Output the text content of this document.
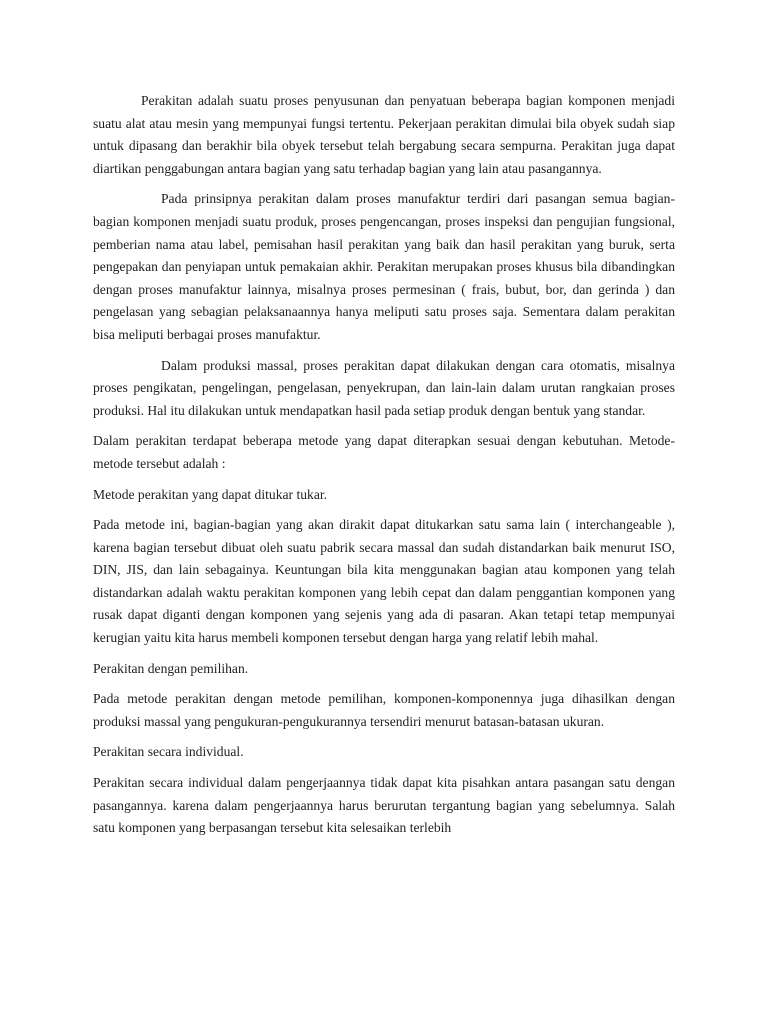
Perakitan adalah suatu proses penyusunan dan penyatuan beberapa bagian komponen menjadi suatu alat atau mesin yang mempunyai fungsi tertentu. Pekerjaan perakitan dimulai bila obyek sudah siap untuk dipasang dan berakhir bila obyek tersebut telah bergabung secara sempurna. Perakitan juga dapat diartikan penggabungan antara bagian yang satu terhadap bagian yang lain atau pasangannya.

Pada prinsipnya perakitan dalam proses manufaktur terdiri dari pasangan semua bagian-bagian komponen menjadi suatu produk, proses pengencangan, proses inspeksi dan pengujian fungsional, pemberian nama atau label, pemisahan hasil perakitan yang baik dan hasil perakitan yang buruk, serta pengepakan dan penyiapan untuk pemakaian akhir. Perakitan merupakan proses khusus bila dibandingkan dengan proses manufaktur lainnya, misalnya proses permesinan ( frais, bubut, bor, dan gerinda ) dan pengelasan yang sebagian pelaksanaannya hanya meliputi satu proses saja. Sementara dalam perakitan bisa meliputi berbagai proses manufaktur.

Dalam produksi massal, proses perakitan dapat dilakukan dengan cara otomatis, misalnya proses pengikatan, pengelingan, pengelasan, penyekrupan, dan lain-lain dalam urutan rangkaian proses produksi. Hal itu dilakukan untuk mendapatkan hasil pada setiap produk dengan bentuk yang standar.

Dalam perakitan terdapat beberapa metode yang dapat diterapkan sesuai dengan kebutuhan. Metode-metode tersebut adalah :

Metode perakitan yang dapat ditukar tukar.

Pada metode ini, bagian-bagian yang akan dirakit dapat ditukarkan satu sama lain ( interchangeable ), karena bagian tersebut dibuat oleh suatu pabrik secara massal dan sudah distandarkan baik menurut ISO, DIN, JIS, dan lain sebagainya. Keuntungan bila kita menggunakan bagian atau komponen yang telah distandarkan adalah waktu perakitan komponen yang lebih cepat dan dalam penggantian komponen yang rusak dapat diganti dengan komponen yang sejenis yang ada di pasaran. Akan tetapi tetap mempunyai kerugian yaitu kita harus membeli komponen tersebut dengan harga yang relatif lebih mahal.

Perakitan dengan pemilihan.

Pada metode perakitan dengan metode pemilihan, komponen-komponennya juga dihasilkan dengan produksi massal yang pengukuran-pengukurannya tersendiri menurut batasan-batasan ukuran.

Perakitan secara individual.

Perakitan secara individual dalam pengerjaannya tidak dapat kita pisahkan antara pasangan satu dengan pasangannya. karena dalam pengerjaannya harus berurutan tergantung bagian yang sebelumnya. Salah satu komponen yang berpasangan tersebut kita selesaikan terlebih
